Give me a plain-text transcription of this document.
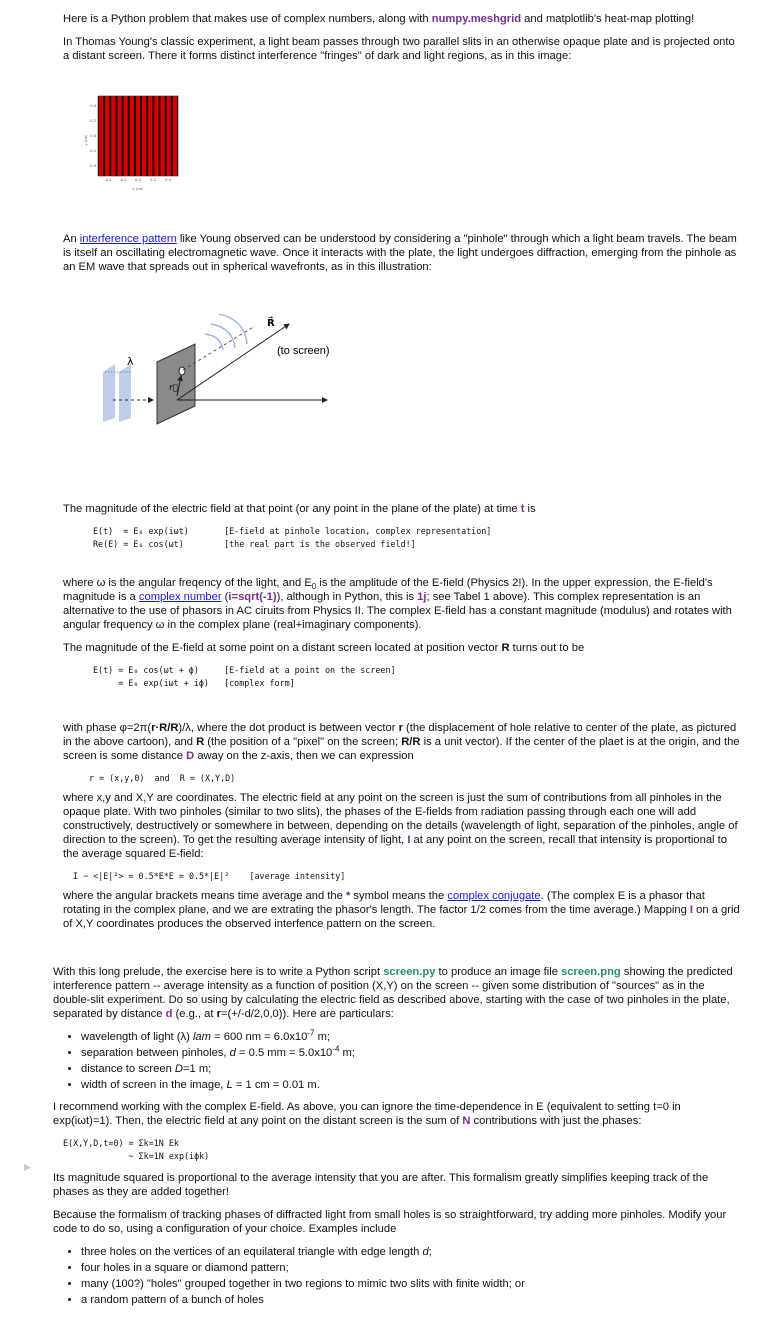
Here is a Python problem that makes use of complex numbers, along with numpy.meshgrid and matplotlib's heat-map plotting!

In Thomas Young's classic experiment, a light beam passes through two parallel slits in an otherwise opaque plate and is projected onto a distant screen. There it forms distinct interference "fringes" of dark and light regions, as in this image:

0.4
0.2
0.0
-0.2
-0.4
-0.4 -0.2 0.0	0.2	0.4
y (cm)
x (cm)

An interference pattern like Young observed can be understood by considering a "pinhole" through which a light beam travels. The beam is itself an oscillating electromagnetic wave. Once it interacts with the plate, the light undergoes diffraction, emerging from the pinhole as an EM wave that spreads out in spherical wavefronts, as in this illustration:

λ
r⃗
R⃗
(to screen)

The magnitude of the electric field at that point (or any point in the plane of the plate) at time t is

E(t)  = E₀ exp(iωt)       [E-field at pinhole location, complex representation]
Re(E) = E₀ cos(ωt)        [the real part is the observed field!]

where ω is the angular freqency of the light, and $E_0$ is the amplitude of the E-field (Physics 2!). In the upper expression, the E-field's magnitude is a complex number (i=sqrt(-1)), although in Python, this is 1j; see Tabel 1 above). This complex representation is an alternative to the use of phasors in AC ciruits from Physics II. The complex E-field has a constant magnitude (modulus) and rotates with angular frequency ω in the complex plane (real+imaginary components).

The magnitude of the E-field at some point on a distant screen located at position vector R turns out to be

E(t) = E₀ cos(ωt + ϕ)     [E-field at a point on the screen]
= E₀ exp(iωt + iϕ)   [complex form]

with phase φ=2π(r·R/R)/λ, where the dot product is between vector r (the displacement of hole relative to center of the plate, as pictured in the above cartoon), and R (the position of a "pixel" on the screen; R/R is a unit vector). If the center of the plaet is at the origin, and the screen is some distance D away on the z-axis, then we can expression

r = (x,y,0)  and  R = (X,Y,D)

where x,y and X,Y are coordinates. The electric field at any point on the screen is just the sum of contributions from all pinholes in the opaque plate. With two pinholes (similar to two slits), the phases of the E-fields from radiation passing through each one will add constructively, destructively or somewhere in between, depending on the details (wavelength of light, separation of the pinholes, angle of direction to the screen). To get the resulting average intensity of light, I at any point on the screen, recall that intensity is proportional to the average squared E-field:

I ~ <|E|²> = 0.5*E*E = 0.5*|E|²    [average intensity]

where the angular brackets means time average and the * symbol means the complex conjugate. (The complex E is a phasor that rotating in the complex plane, and we are extrating the phasor's length. The factor 1/2 comes from the time average.) Mapping I on a grid of X,Y coordinates produces the observed interfence pattern on the screen.

With this long prelude, the exercise here is to write a Python script screen.py to produce an image file screen.png showing the predicted interference pattern -- average intensity as a function of position (X,Y) on the screen -- given some distribution of "sources" as in the double-slit experiment. Do so using by calculating the electric field as described above, starting with the case of two pinholes in the plate, separated by distance d (e.g., at r=(+/-d/2,0,0)). Here are particulars:

• wavelength of light (λ) lam = 600 nm = $6.0x10^{-7}$ m;
• separation between pinholes, d = 0.5 mm = $5.0x10^{-4}$ m;
• distance to screen D=1 m;
• width of screen in the image, L = 1 cm = 0.01 m.

I recommend working with the complex E-field. As above, you can ignore the time-dependence in E (equivalent to setting t=0 in exp(iωt)=1). Then, the electric field at any point on the distant screen is the sum of N contributions with just the phases:

E(X,Y,D,t=0) = Σk=1N Ek
~ Σk=1N exp(iϕk)

Its magnitude squared is proportional to the average intensity that you are after. This formalism greatly simplifies keeping track of the phases as they are added together!

Because the formalism of tracking phases of diffracted light from small holes is so straightforward, try adding more pinholes. Modify your code to do so, using a configuration of your choice. Examples include

• three holes on the vertices of an equilateral triangle with edge length d;
• four holes in a square or diamond pattern;
• many (100?) "holes" grouped together in two regions to mimic two slits with finite width; or
• a random pattern of a bunch of holes
